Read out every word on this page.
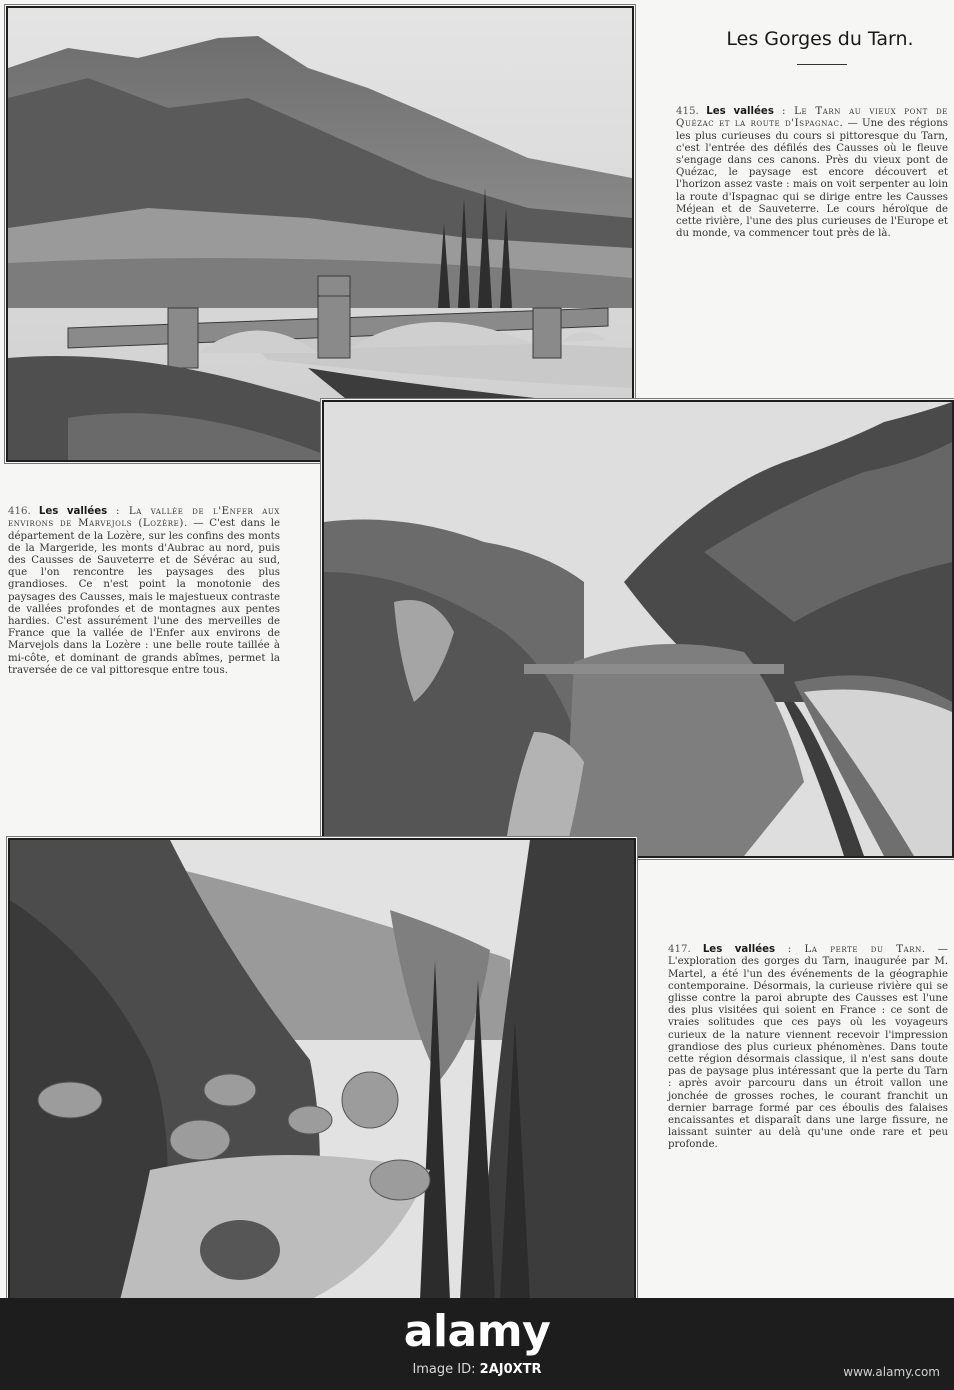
Les Gorges du Tarn.

415. Les vallées : Le Tarn au vieux pont de Quézac et la route d'Ispagnac. — Une des régions les plus curieuses du cours si pittoresque du Tarn, c'est l'entrée des défilés des Causses où le fleuve s'engage dans ces canons. Près du vieux pont de Quézac, le paysage est encore découvert et l'horizon assez vaste : mais on voit serpenter au loin la route d'Ispagnac qui se dirige entre les Causses Méjean et de Sauveterre. Le cours héroïque de cette rivière, l'une des plus curieuses de l'Europe et du monde, va commencer tout près de là.

416. Les vallées : La vallée de l'Enfer aux environs de Marvejols (Lozère). — C'est dans le département de la Lozère, sur les confins des monts de la Margeride, les monts d'Aubrac au nord, puis des Causses de Sauveterre et de Sévérac au sud, que l'on rencontre les paysages des plus grandioses. Ce n'est point la monotonie des paysages des Causses, mais le majestueux contraste de vallées profondes et de montagnes aux pentes hardies. C'est assurément l'une des merveilles de France que la vallée de l'Enfer aux environs de Marvejols dans la Lozère : une belle route taillée à mi-côte, et dominant de grands abîmes, permet la traversée de ce val pittoresque entre tous.

417. Les vallées : La perte du Tarn. — L'exploration des gorges du Tarn, inaugurée par M. Martel, a été l'un des événements de la géographie contemporaine. Désormais, la curieuse rivière qui se glisse contre la paroi abrupte des Causses est l'une des plus visitées qui soient en France : ce sont de vraies solitudes que ces pays où les voyageurs curieux de la nature viennent recevoir l'impression grandiose des plus curieux phénomènes. Dans toute cette région désormais classique, il n'est sans doute pas de paysage plus intéressant que la perte du Tarn : après avoir parcouru dans un étroit vallon une jonchée de grosses roches, le courant franchit un dernier barrage formé par ces éboulis des falaises encaissantes et disparaît dans une large fissure, ne laissant suinter au delà qu'une onde rare et peu profonde.

alamy
Image ID: 2AJ0XTR	www.alamy.com
